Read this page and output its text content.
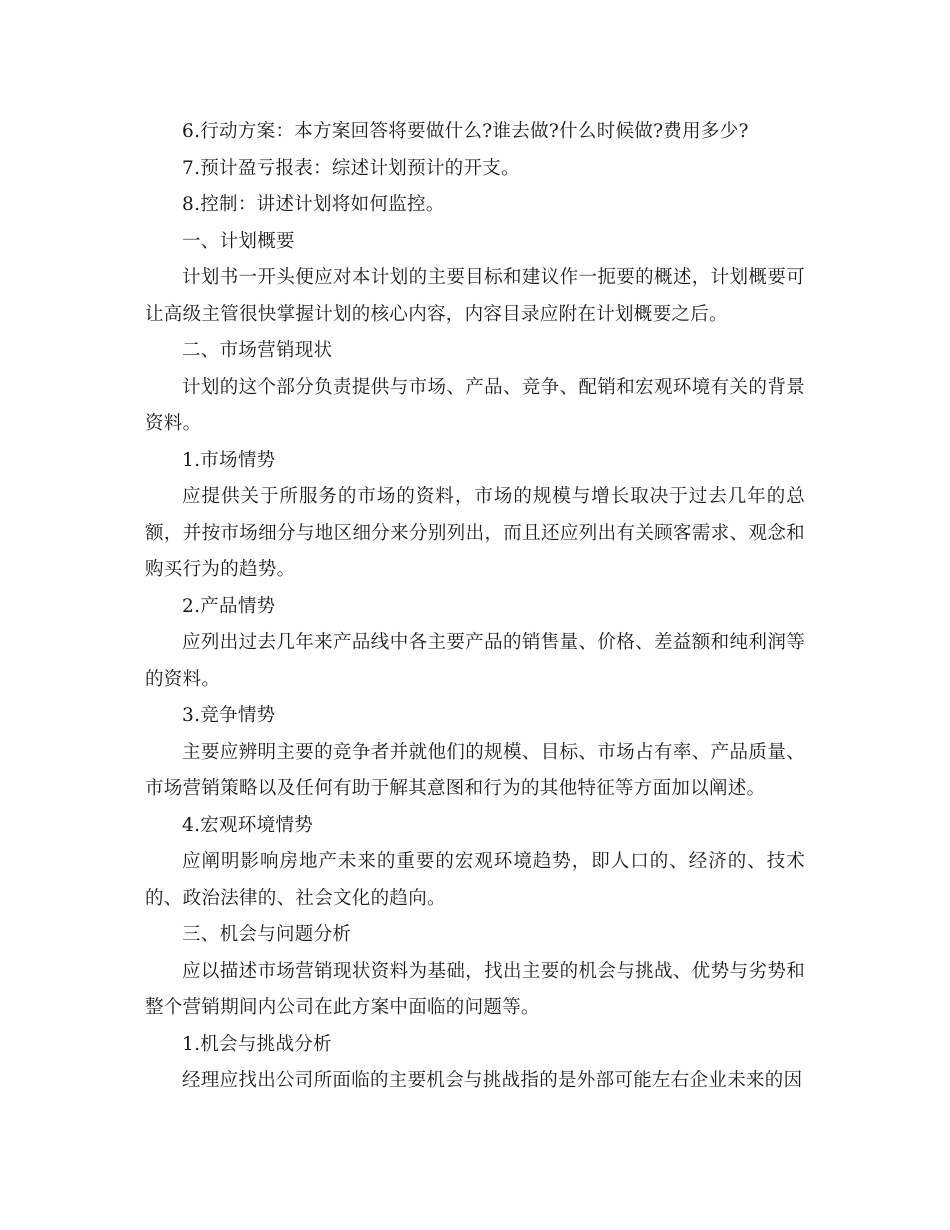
6.行动方案：本方案回答将要做什么?谁去做?什么时候做?费用多少?

7.预计盈亏报表：综述计划预计的开支。

8.控制：讲述计划将如何监控。

一、计划概要

计划书一开头便应对本计划的主要目标和建议作一扼要的概述，计划概要可让高级主管很快掌握计划的核心内容，内容目录应附在计划概要之后。

二、市场营销现状

计划的这个部分负责提供与市场、产品、竞争、配销和宏观环境有关的背景资料。

1.市场情势

应提供关于所服务的市场的资料，市场的规模与增长取决于过去几年的总额，并按市场细分与地区细分来分别列出，而且还应列出有关顾客需求、观念和购买行为的趋势。

2.产品情势

应列出过去几年来产品线中各主要产品的销售量、价格、差益额和纯利润等的资料。

3.竞争情势

主要应辨明主要的竞争者并就他们的规模、目标、市场占有率、产品质量、市场营销策略以及任何有助于解其意图和行为的其他特征等方面加以阐述。

4.宏观环境情势

应阐明影响房地产未来的重要的宏观环境趋势，即人口的、经济的、技术的、政治法律的、社会文化的趋向。

三、机会与问题分析

应以描述市场营销现状资料为基础，找出主要的机会与挑战、优势与劣势和整个营销期间内公司在此方案中面临的问题等。

1.机会与挑战分析

经理应找出公司所面临的主要机会与挑战指的是外部可能左右企业未来的因
